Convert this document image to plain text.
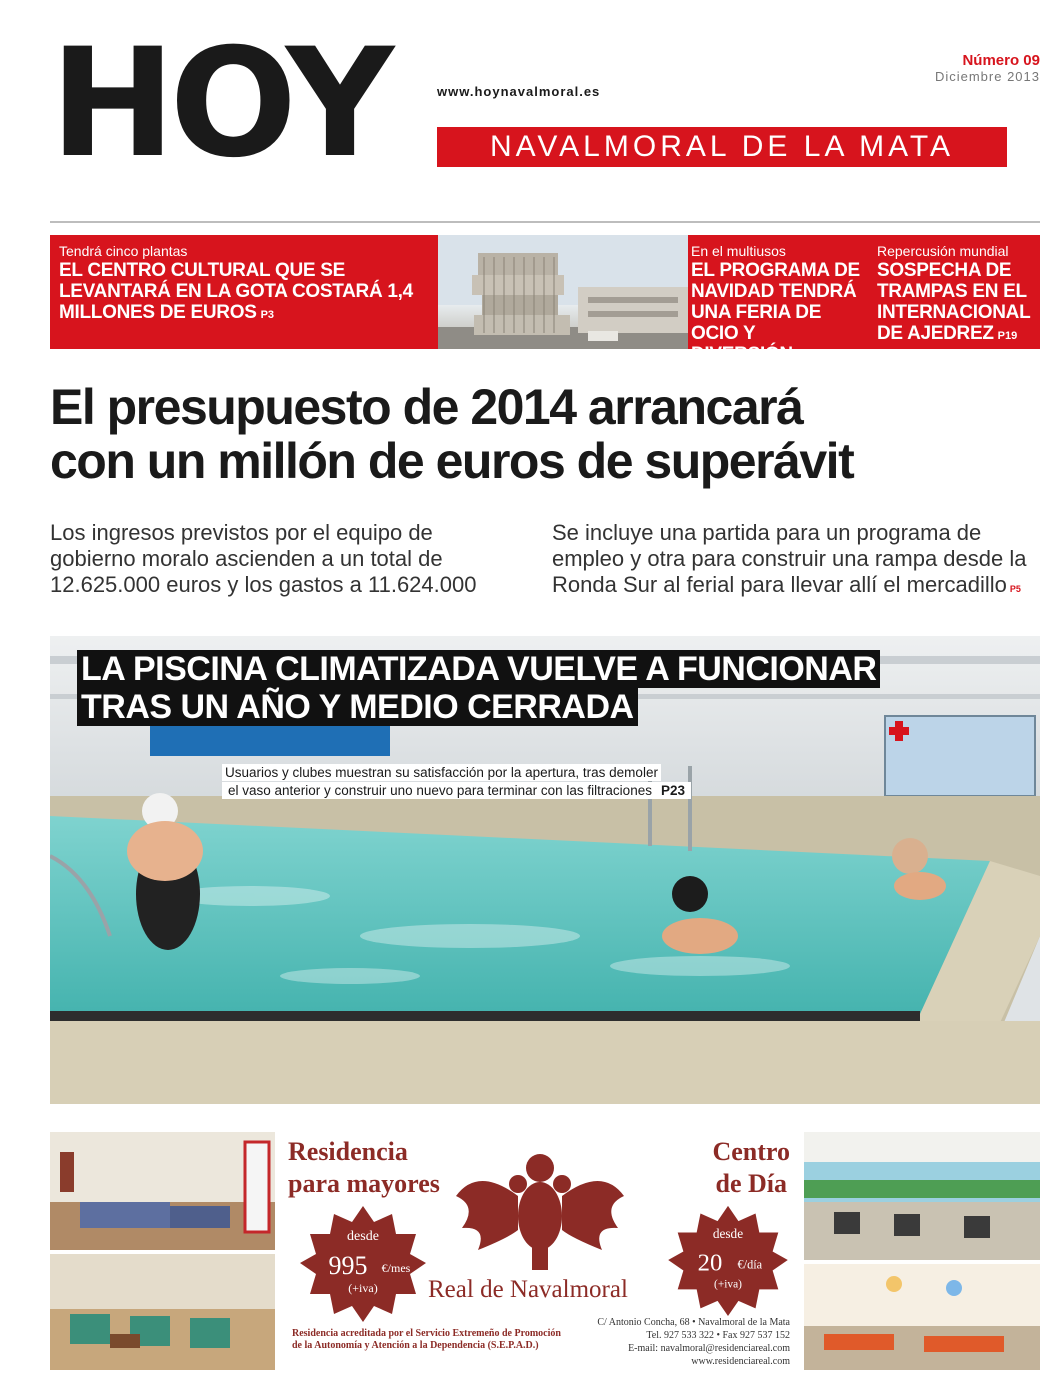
HOY	www.hoynavalmoral.es
NAVALMORAL DE LA MATA
Número 09
Diciembre 2013
Tendrá cinco plantas
EL CENTRO CULTURAL QUE SE LEVANTARÁ EN LA GOTA COSTARÁ 1,4 MILLONES DE EUROS P3
En el multiusos
EL PROGRAMA DE NAVIDAD TENDRÁ UNA FERIA DE OCIO Y DIVERSIÓN P11
Repercusión mundial
SOSPECHA DE TRAMPAS EN EL INTERNACIONAL DE AJEDREZ P19
El presupuesto de 2014 arrancará
con un millón de euros de superávit
Los ingresos previstos por el equipo de gobierno moralo ascienden a un total de 12.625.000 euros y los gastos a 11.624.000
Se incluye una partida para un programa de empleo y otra para construir una rampa desde la Ronda Sur al ferial para llevar allí el mercadillo P5
LA PISCINA CLIMATIZADA VUELVE A FUNCIONAR
TRAS UN AÑO Y MEDIO CERRADA
Usuarios y clubes muestran su satisfacción por la apertura, tras demoler
el vaso anterior y construir uno nuevo para terminar con las filtraciones P23
Residencia
para mayores
Centro
de Día
desde
995 €/mes
(+iva) Real de Navalmoral
desde
20 €/día
(+iva)
Residencia acreditada por el Servicio Extremeño de Promoción de la Autonomía y Atención a la Dependencia (S.E.P.A.D.)
C/ Antonio Concha, 68 • Navalmoral de la Mata
Tel. 927 533 322 • Fax 927 537 152
E-mail: navalmoral@residenciareal.com
www.residenciareal.com
